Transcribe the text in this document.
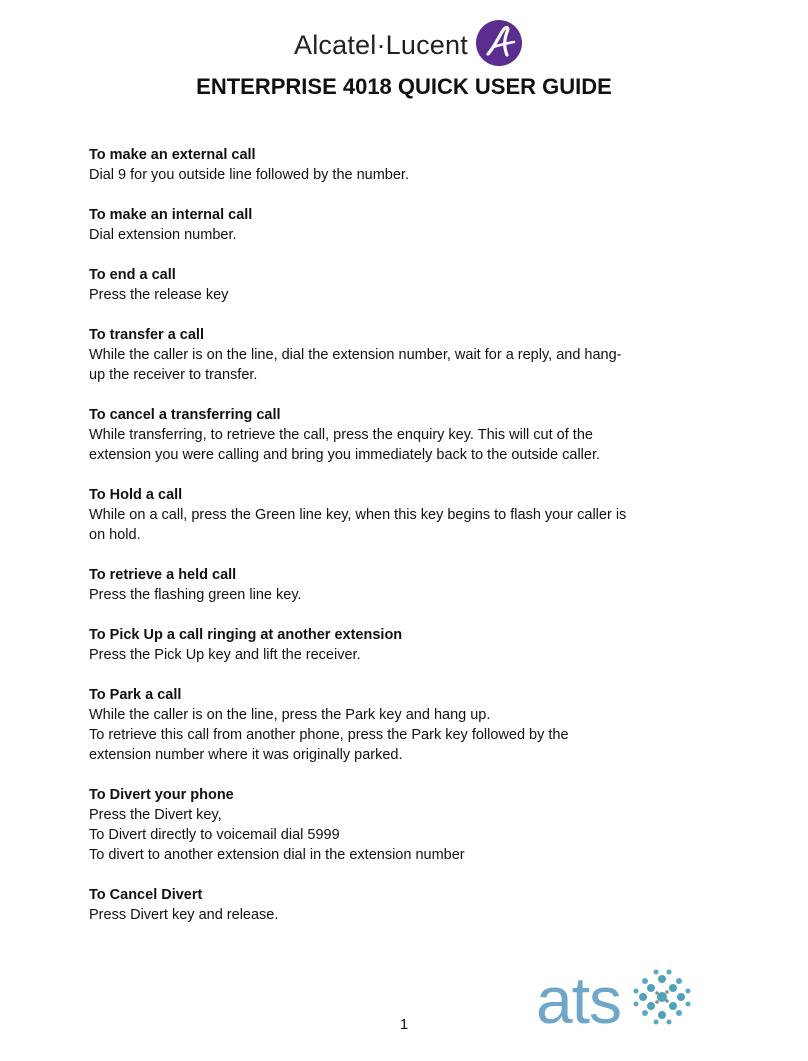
Alcatel·Lucent
ENTERPRISE 4018 QUICK USER GUIDE

To make an external call

Dial 9 for you outside line followed by the number.

To make an internal call

Dial extension number.

To end a call

Press the release key

To transfer a call

While the caller is on the line, dial the extension number, wait for a reply, and hang-

up the receiver to transfer.

To cancel a transferring call

While transferring, to retrieve the call, press the enquiry key. This will cut of the

extension you were calling and bring you immediately back to the outside caller.

To Hold a call

While on a call, press the Green line key, when this key begins to flash your caller is

on hold.

To retrieve a held call

Press the flashing green line key.

To Pick Up a call ringing at another extension

Press the Pick Up key and lift the receiver.

To Park a call

While the caller is on the line, press the Park key and hang up.

To retrieve this call from another phone, press the Park key followed by the

extension number where it was originally parked.

To Divert your phone

Press the Divert key,

To Divert directly to voicemail dial 5999

To divert to another extension dial in the extension number

To Cancel Divert

Press Divert key and release.

ats
1
